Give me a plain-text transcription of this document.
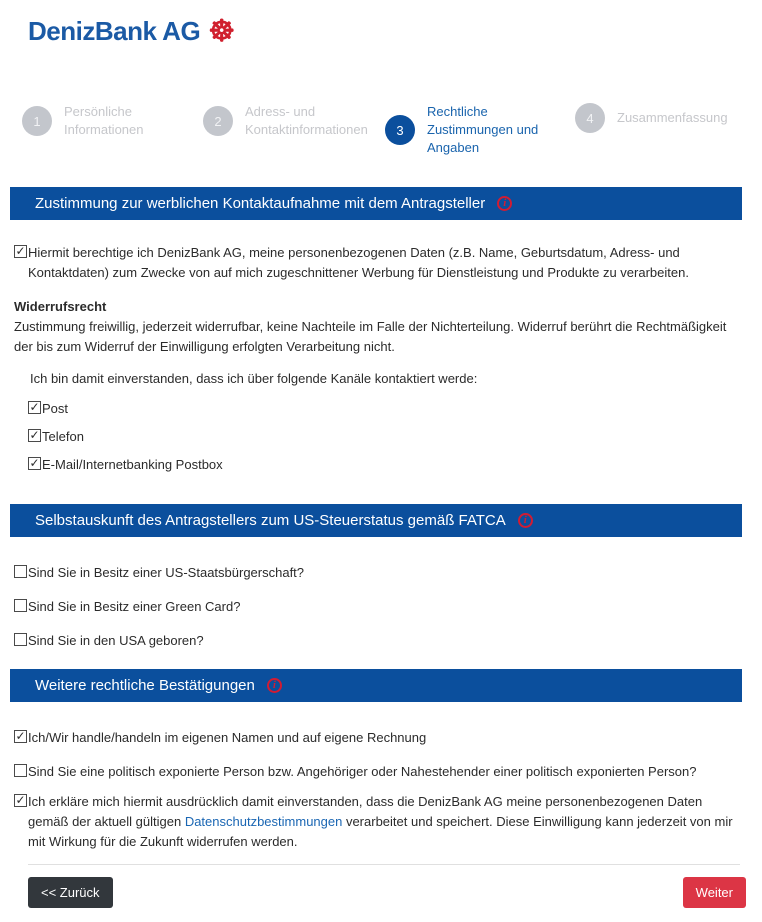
DenizBank AG ☸
1
Persönliche Informationen
2
Adress- und Kontaktinformationen	3
Rechtliche Zustimmungen und Angaben
4	Zusammenfassung
Zustimmung zur werblichen Kontaktaufnahme mit dem Antragsteller	i
✓ Hiermit berechtige ich DenizBank AG, meine personenbezogenen Daten (z.B. Name, Geburtsdatum, Adress- und Kontaktdaten) zum Zwecke von auf mich zugeschnittener Werbung für Dienstleistung und Produkte zu verarbeiten.
Widerrufsrecht
Zustimmung freiwillig, jederzeit widerrufbar, keine Nachteile im Falle der Nichterteilung. Widerruf berührt die Rechtmäßigkeit der bis zum Widerruf der Einwilligung erfolgten Verarbeitung nicht.
Ich bin damit einverstanden, dass ich über folgende Kanäle kontaktiert werde:
✓ Post
✓ Telefon
✓ E-Mail/Internetbanking Postbox
Selbstauskunft des Antragstellers zum US-Steuerstatus gemäß FATCA	i
Sind Sie in Besitz einer US-Staatsbürgerschaft?
Sind Sie in Besitz einer Green Card?
Sind Sie in den USA geboren?
Weitere rechtliche Bestätigungen	i
✓ Ich/Wir handle/handeln im eigenen Namen und auf eigene Rechnung
Sind Sie eine politisch exponierte Person bzw. Angehöriger oder Nahestehender einer politisch exponierten Person?
✓ Ich erkläre mich hiermit ausdrücklich damit einverstanden, dass die DenizBank AG meine personenbezogenen Daten gemäß der aktuell gültigen Datenschutzbestimmungen verarbeitet und speichert. Diese Einwilligung kann jederzeit von mir mit Wirkung für die Zukunft widerrufen werden.
<< Zurück	Weiter
